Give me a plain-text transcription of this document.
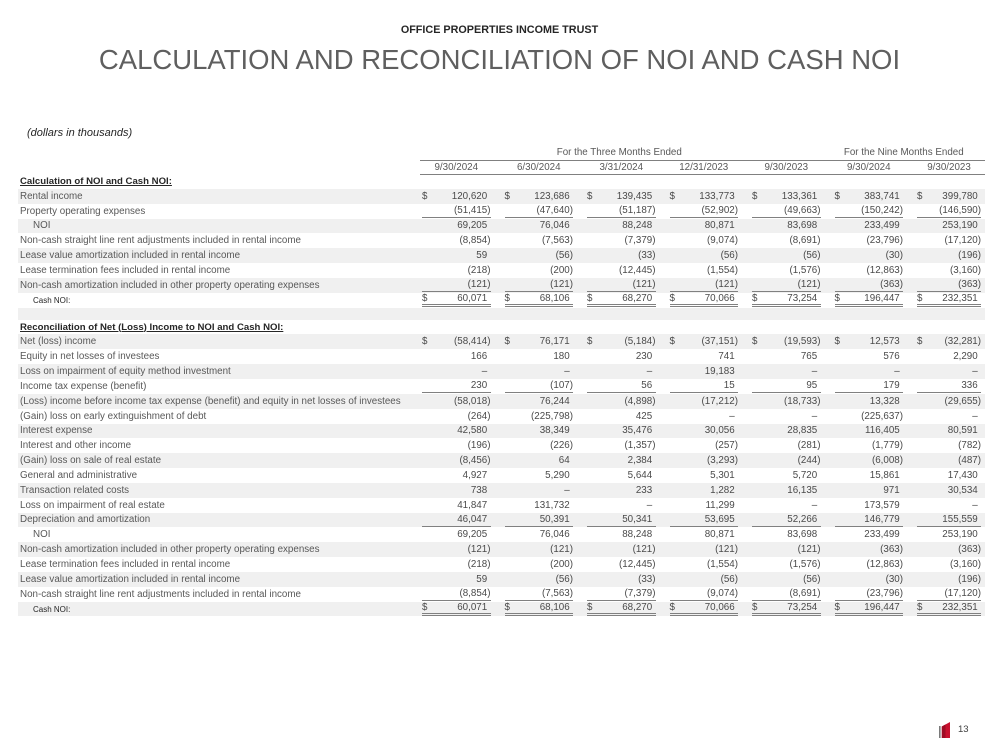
OFFICE PROPERTIES INCOME TRUST
CALCULATION AND RECONCILIATION OF NOI AND CASH NOI
(dollars in thousands)
	For the Three Months Ended					For the Nine Months Ended	
	9/30/2024	6/30/2024	3/31/2024	12/31/2023	9/30/2023	9/30/2024	9/30/2023
Calculation of NOI and Cash NOI:							
Rental income	$ 120,620	$ 123,686	$ 139,435	$ 133,773	$ 133,361	$ 383,741	$ 399,780

Property operating expenses	(51,415)	(47,640)	(51,187)	(52,902)	(49,663)	(150,242)	(146,590)

NOI	69,205	76,046	88,248	80,871	83,698	233,499	253,190

Non-cash straight line rent adjustments included in rental income	(8,854)	(7,563)	(7,379)	(9,074)	(8,691)	(23,796)	(17,120)

Lease value amortization included in rental income	59	(56)	(33)	(56)	(56)	(30)	(196)

Lease termination fees included in rental income	(218)	(200)	(12,445)	(1,554)	(1,576)	(12,863)	(3,160)

Non-cash amortization included in other property operating expenses	(121)	(121)	(121)	(121)	(121)	(363)	(363)

Cash NOI:	$ 60,071	$ 68,106	$ 68,270	$ 70,066	$ 73,254	$ 196,447	$ 232,351

Reconciliation of Net (Loss) Income to NOI and Cash NOI:							
Net (loss) income	$ (58,414)	$ 76,171	$ (5,184)	$ (37,151)	$ (19,593)	$ 12,573	$ (32,281)

Equity in net losses of investees	166	180	230	741	765	576	2,290

Loss on impairment of equity method investment	–	–	–	19,183	–	–	–

Income tax expense (benefit)	230	(107)	56	15	95	179	336

(Loss) income before income tax expense (benefit) and equity in net losses of investees	(58,018)	76,244	(4,898)	(17,212)	(18,733)	13,328	(29,655)

(Gain) loss on early extinguishment of debt	(264)	(225,798)	425	–	–	(225,637)	–

Interest expense	42,580	38,349	35,476	30,056	28,835	116,405	80,591

Interest and other income	(196)	(226)	(1,357)	(257)	(281)	(1,779)	(782)

(Gain) loss on sale of real estate	(8,456)	64	2,384	(3,293)	(244)	(6,008)	(487)

General and administrative	4,927	5,290	5,644	5,301	5,720	15,861	17,430

Transaction related costs	738	–	233	1,282	16,135	971	30,534

Loss on impairment of real estate	41,847	131,732	–	11,299	–	173,579	–

Depreciation and amortization	46,047	50,391	50,341	53,695	52,266	146,779	155,559

NOI	69,205	76,046	88,248	80,871	83,698	233,499	253,190

Non-cash amortization included in other property operating expenses	(121)	(121)	(121)	(121)	(121)	(363)	(363)

Lease termination fees included in rental income	(218)	(200)	(12,445)	(1,554)	(1,576)	(12,863)	(3,160)

Lease value amortization included in rental income	59	(56)	(33)	(56)	(56)	(30)	(196)

Non-cash straight line rent adjustments included in rental income	(8,854)	(7,563)	(7,379)	(9,074)	(8,691)	(23,796)	(17,120)

Cash NOI:	$ 60,071	$ 68,106	$ 68,270	$ 70,066	$ 73,254	$ 196,447	$ 232,351
13
